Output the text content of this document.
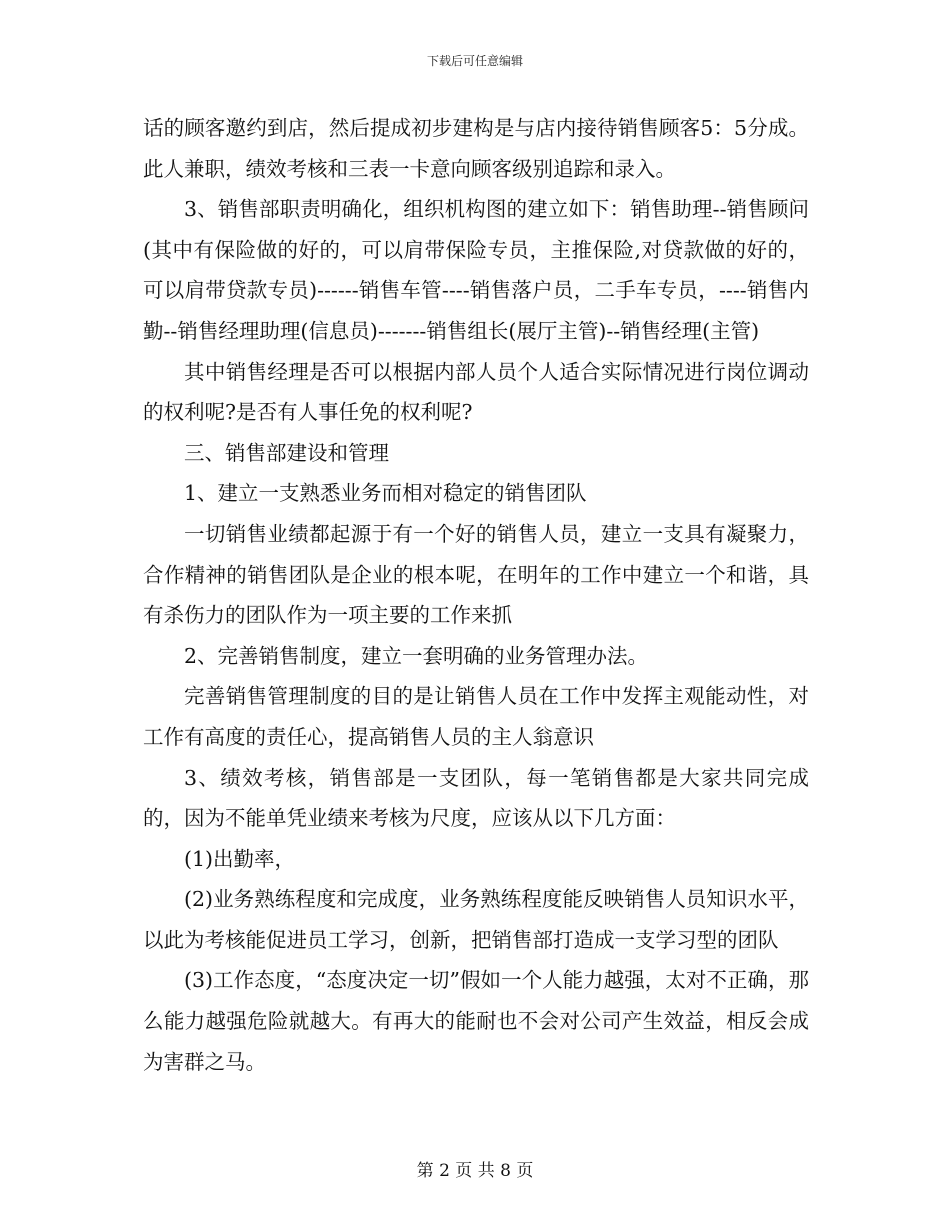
下载后可任意编辑

话的顾客邀约到店，然后提成初步建构是与店内接待销售顾客5：5分成。此人兼职，绩效考核和三表一卡意向顾客级别追踪和录入。

3、销售部职责明确化，组织机构图的建立如下：销售助理--销售顾问(其中有保险做的好的，可以肩带保险专员，主推保险,对贷款做的好的，可以肩带贷款专员)------销售车管----销售落户员，二手车专员，----销售内勤--销售经理助理(信息员)-------销售组长(展厅主管)--销售经理(主管)

其中销售经理是否可以根据内部人员个人适合实际情况进行岗位调动的权利呢?是否有人事任免的权利呢?

三、销售部建设和管理

1、建立一支熟悉业务而相对稳定的销售团队

一切销售业绩都起源于有一个好的销售人员，建立一支具有凝聚力，合作精神的销售团队是企业的根本呢，在明年的工作中建立一个和谐，具有杀伤力的团队作为一项主要的工作来抓

2、完善销售制度，建立一套明确的业务管理办法。

完善销售管理制度的目的是让销售人员在工作中发挥主观能动性，对工作有高度的责任心，提高销售人员的主人翁意识

3、绩效考核，销售部是一支团队，每一笔销售都是大家共同完成的，因为不能单凭业绩来考核为尺度，应该从以下几方面：

(1)出勤率，

(2)业务熟练程度和完成度，业务熟练程度能反映销售人员知识水平，以此为考核能促进员工学习，创新，把销售部打造成一支学习型的团队

(3)工作态度，“态度决定一切”假如一个人能力越强，太对不正确，那么能力越强危险就越大。有再大的能耐也不会对公司产生效益，相反会成为害群之马。

第 2 页 共 8 页
